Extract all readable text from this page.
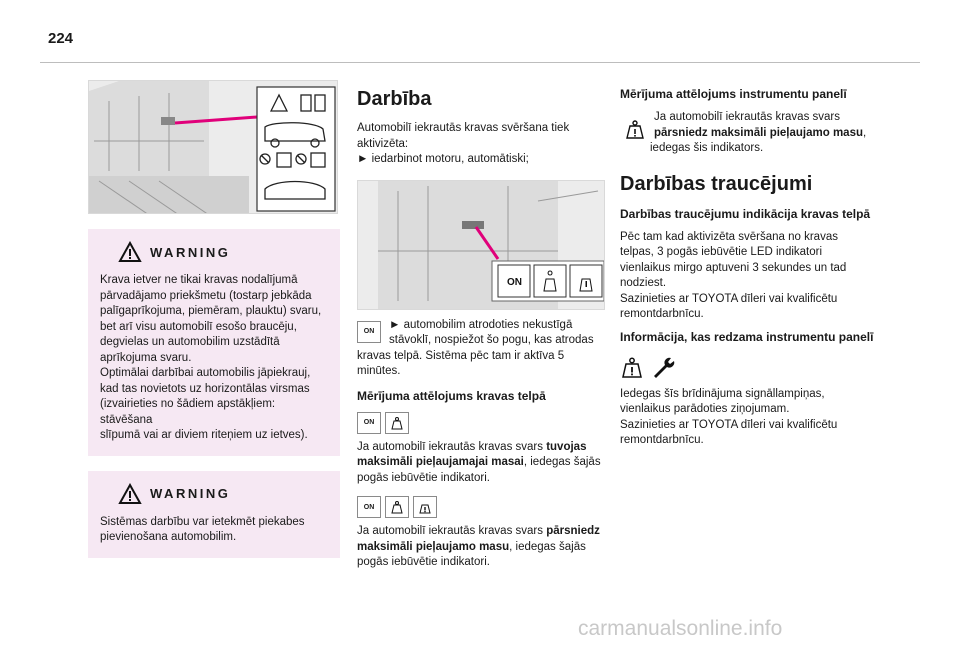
224
WARNING
Krava ietver ne tikai kravas nodalījumā
pārvadājamo priekšmetu (tostarp jebkāda
palīgaprīkojuma, piemēram, plauktu) svaru,
bet arī visu automobilī esošo braucēju,
degvielas un automobilim uzstādītā
aprīkojuma svaru.
Optimālai darbībai automobilis jāpiekrauj,
kad tas novietots uz horizontālas virsmas
(izvairieties no šādiem apstākļiem: stāvēšana
slīpumā vai ar diviem riteņiem uz ietves).
WARNING
Sistēmas darbību var ietekmēt piekabes
pievienošana automobilim.
Darbība

Automobilī iekrautās kravas svēršana tiek
aktivizēta:
► iedarbinot motoru, automātiski;

ON
ON

► automobilim atrodoties nekustīgā
stāvoklī, nospiežot šo pogu, kas atrodas
kravas telpā. Sistēma pēc tam ir aktīva 5
minūtes.

Mērījuma attēlojums kravas telpā
ON

Ja automobilī iekrautās kravas svars tuvojas maksimāli pieļaujamajai masai, iedegas šajās pogās iebūvētie indikatori.

ON

Ja automobilī iekrautās kravas svars pārsniedz maksimāli pieļaujamo masu, iedegas šajās pogās iebūvētie indikatori.

Mērījuma attēlojums instrumentu panelī

Ja automobilī iekrautās kravas svars pārsniedz maksimāli pieļaujamo masu, iedegas šis indikators.

Darbības traucējumi
Darbības traucējumu indikācija kravas telpā

Pēc tam kad aktivizēta svēršana no kravas
telpas, 3 pogās iebūvētie LED indikatori
vienlaikus mirgo aptuveni 3 sekundes un tad
nodziest.
Sazinieties ar TOYOTA dīleri vai kvalificētu
remontdarbnīcu.

Informācija, kas redzama instrumentu panelī

Iedegas šīs brīdinājuma signāllampiņas,
vienlaikus parādoties ziņojumam.
Sazinieties ar TOYOTA dīleri vai kvalificētu
remontdarbnīcu.

carmanualsonline.info
